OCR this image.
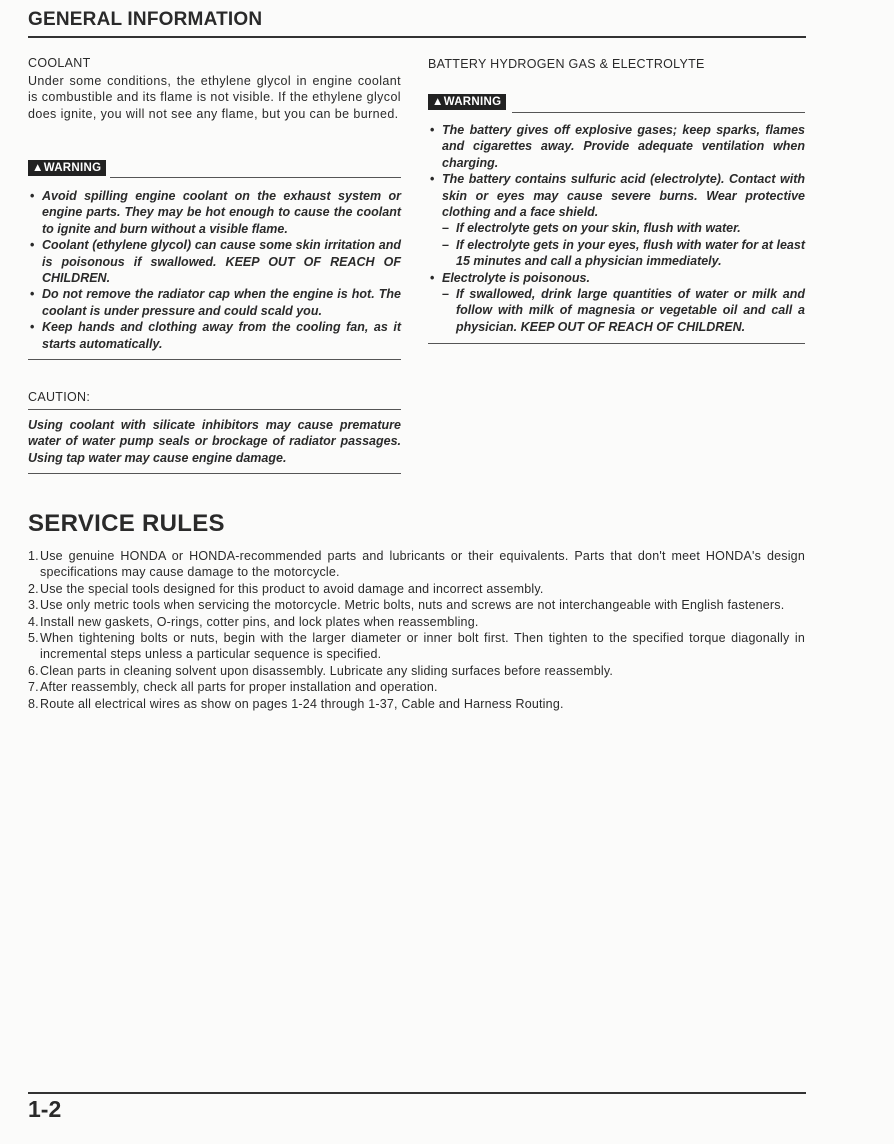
GENERAL INFORMATION
COOLANT
Under some conditions, the ethylene glycol in engine coolant is combustible and its flame is not visible. If the ethylene glycol does ignite, you will not see any flame, but you can be burned.
▲WARNING
• Avoid spilling engine coolant on the exhaust system or engine parts. They may be hot enough to cause the coolant to ignite and burn without a visible flame.
• Coolant (ethylene glycol) can cause some skin irritation and is poisonous if swallowed. KEEP OUT OF REACH OF CHILDREN.
• Do not remove the radiator cap when the engine is hot. The coolant is under pressure and could scald you.
• Keep hands and clothing away from the cooling fan, as it starts automatically.
CAUTION:
Using coolant with silicate inhibitors may cause premature water of water pump seals or brockage of radiator passages. Using tap water may cause engine damage.
BATTERY HYDROGEN GAS & ELECTROLYTE
▲WARNING
• The battery gives off explosive gases; keep sparks, flames and cigarettes away. Provide adequate ventilation when charging.
• The battery contains sulfuric acid (electrolyte). Contact with skin or eyes may cause severe burns. Wear protective clothing and a face shield.
– If electrolyte gets on your skin, flush with water.
– If electrolyte gets in your eyes, flush with water for at least 15 minutes and call a physician immediately.
• Electrolyte is poisonous.
– If swallowed, drink large quantities of water or milk and follow with milk of magnesia or vegetable oil and call a physician. KEEP OUT OF REACH OF CHILDREN.
SERVICE RULES
1. Use genuine HONDA or HONDA-recommended parts and lubricants or their equivalents. Parts that don't meet HONDA's design specifications may cause damage to the motorcycle.
2. Use the special tools designed for this product to avoid damage and incorrect assembly.
3. Use only metric tools when servicing the motorcycle. Metric bolts, nuts and screws are not interchangeable with English fasteners.
4. Install new gaskets, O-rings, cotter pins, and lock plates when reassembling.
5. When tightening bolts or nuts, begin with the larger diameter or inner bolt first. Then tighten to the specified torque diagonally in incremental steps unless a particular sequence is specified.
6. Clean parts in cleaning solvent upon disassembly. Lubricate any sliding surfaces before reassembly.
7. After reassembly, check all parts for proper installation and operation.
8. Route all electrical wires as show on pages 1-24 through 1-37, Cable and Harness Routing.
1-2
